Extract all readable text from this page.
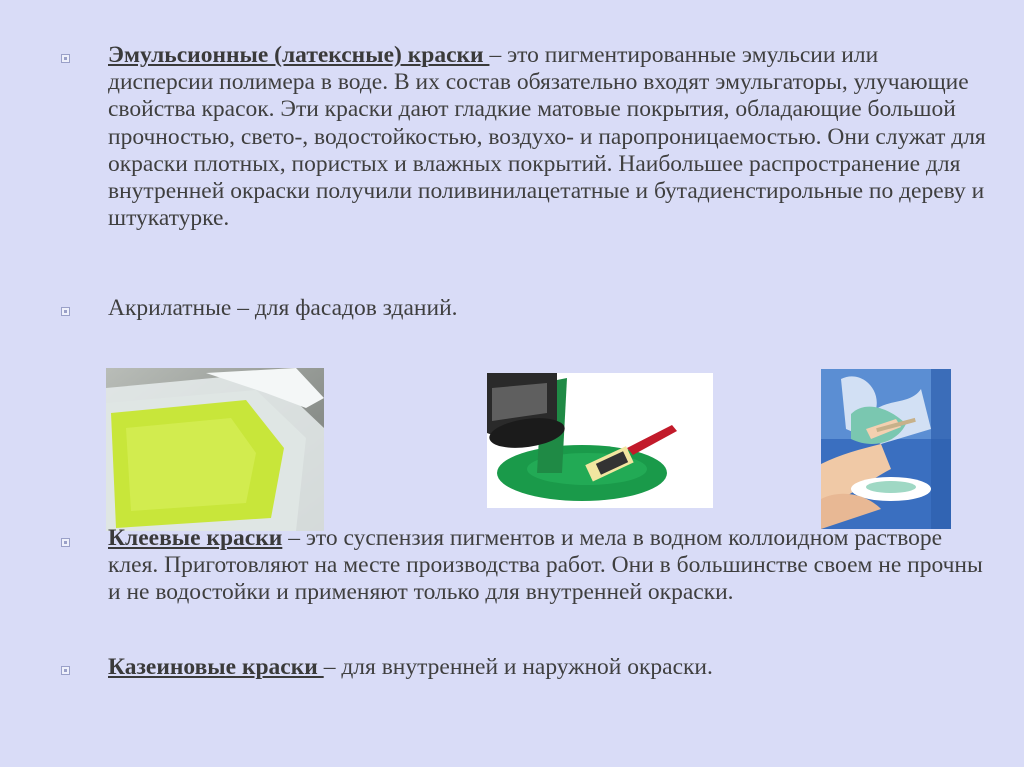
Эмульсионные (латексные) краски – это пигментированные эмульсии или дисперсии полимера в воде. В их состав обязательно входят эмульгаторы, улучающие свойства красок. Эти краски дают гладкие матовые покрытия, обладающие большой прочностью, свето-, водостойкостью, воздухо- и паропроницаемостью. Они служат для окраски плотных, пористых и влажных покрытий. Наибольшее распространение для внутренней окраски получили поливинилацетатные и бутадиенстирольные по дереву и штукатурке.

Акрилатные – для фасадов зданий.

Клеевые краски – это суспензия пигментов и мела в водном коллоидном растворе клея. Приготовляют на месте производства работ. Они в большинстве своем не прочны и не водостойки и применяют только для внутренней окраски.

Казеиновые краски – для внутренней и наружной окраски.
